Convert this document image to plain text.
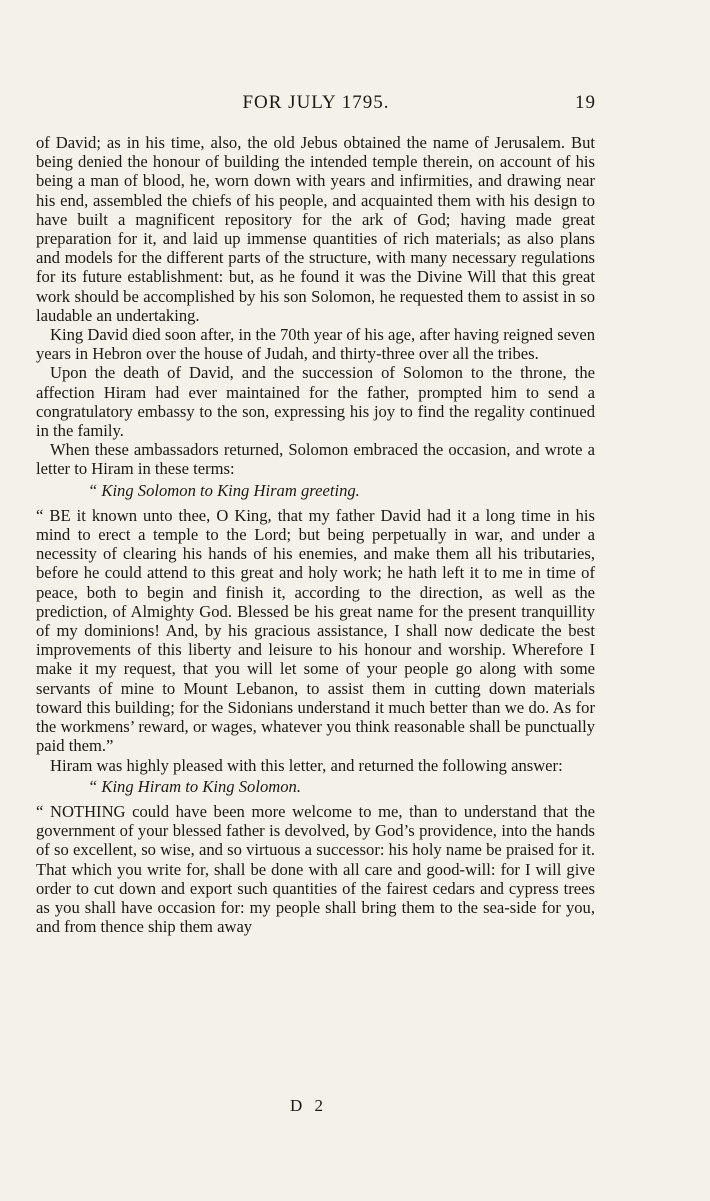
FOR JULY 1795.	19

of David; as in his time, also, the old Jebus obtained the name of Jerusalem. But being denied the honour of building the intended temple therein, on account of his being a man of blood, he, worn down with years and infirmities, and drawing near his end, assembled the chiefs of his people, and acquainted them with his design to have built a magnificent repository for the ark of God; having made great preparation for it, and laid up immense quantities of rich materials; as also plans and models for the different parts of the structure, with many necessary regulations for its future establishment: but, as he found it was the Divine Will that this great work should be accomplished by his son Solomon, he requested them to assist in so laudable an undertaking.

King David died soon after, in the 70th year of his age, after having reigned seven years in Hebron over the house of Judah, and thirty-three over all the tribes.

Upon the death of David, and the succession of Solomon to the throne, the affection Hiram had ever maintained for the father, prompted him to send a congratulatory embassy to the son, expressing his joy to find the regality continued in the family.

When these ambassadors returned, Solomon embraced the occasion, and wrote a letter to Hiram in these terms:

“ King Solomon to King Hiram greeting.

“ BE it known unto thee, O King, that my father David had it a long time in his mind to erect a temple to the Lord; but being perpetually in war, and under a necessity of clearing his hands of his enemies, and make them all his tributaries, before he could attend to this great and holy work; he hath left it to me in time of peace, both to begin and finish it, according to the direction, as well as the prediction, of Almighty God. Blessed be his great name for the present tranquillity of my dominions! And, by his gracious assistance, I shall now dedicate the best improvements of this liberty and leisure to his honour and worship. Wherefore I make it my request, that you will let some of your people go along with some servants of mine to Mount Lebanon, to assist them in cutting down materials toward this building; for the Sidonians understand it much better than we do. As for the workmens’ reward, or wages, whatever you think reasonable shall be punctually paid them.”

Hiram was highly pleased with this letter, and returned the following answer:

“ King Hiram to King Solomon.

“ NOTHING could have been more welcome to me, than to understand that the government of your blessed father is devolved, by God’s providence, into the hands of so excellent, so wise, and so virtuous a successor: his holy name be praised for it. That which you write for, shall be done with all care and good-will: for I will give order to cut down and export such quantities of the fairest cedars and cypress trees as you shall have occasion for: my people shall bring them to the sea-side for you, and from thence ship them away

D 2
